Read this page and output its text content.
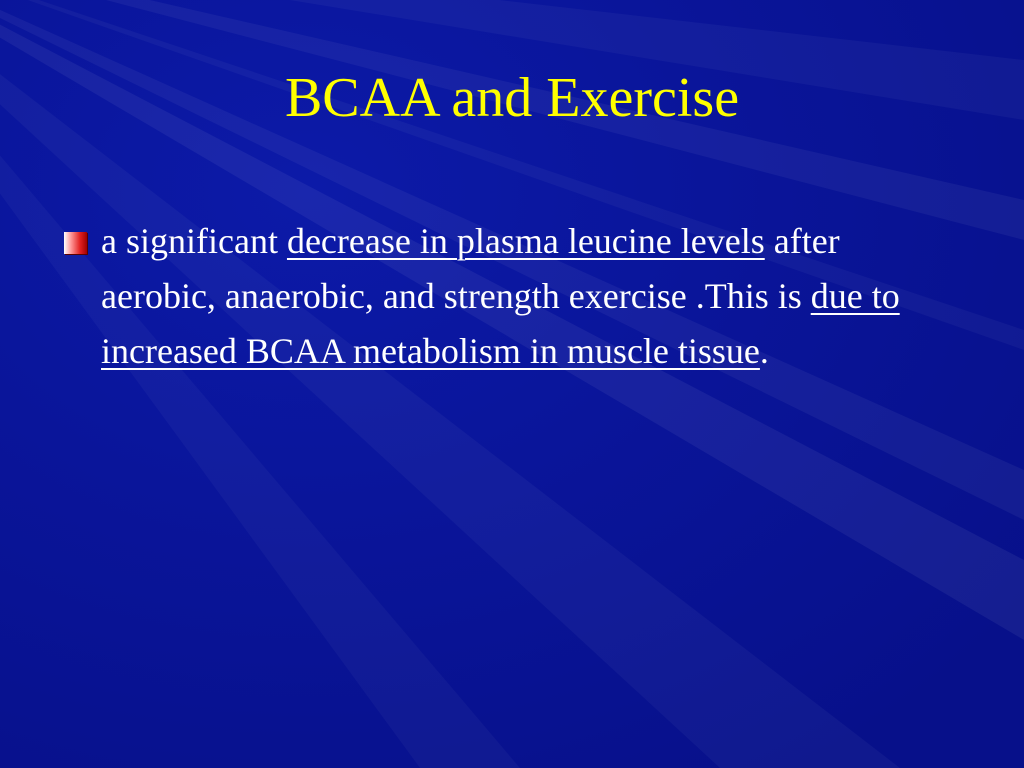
BCAA and Exercise

a significant decrease in plasma leucine levels after aerobic, anaerobic, and strength exercise .This is due to increased BCAA metabolism in muscle tissue.
